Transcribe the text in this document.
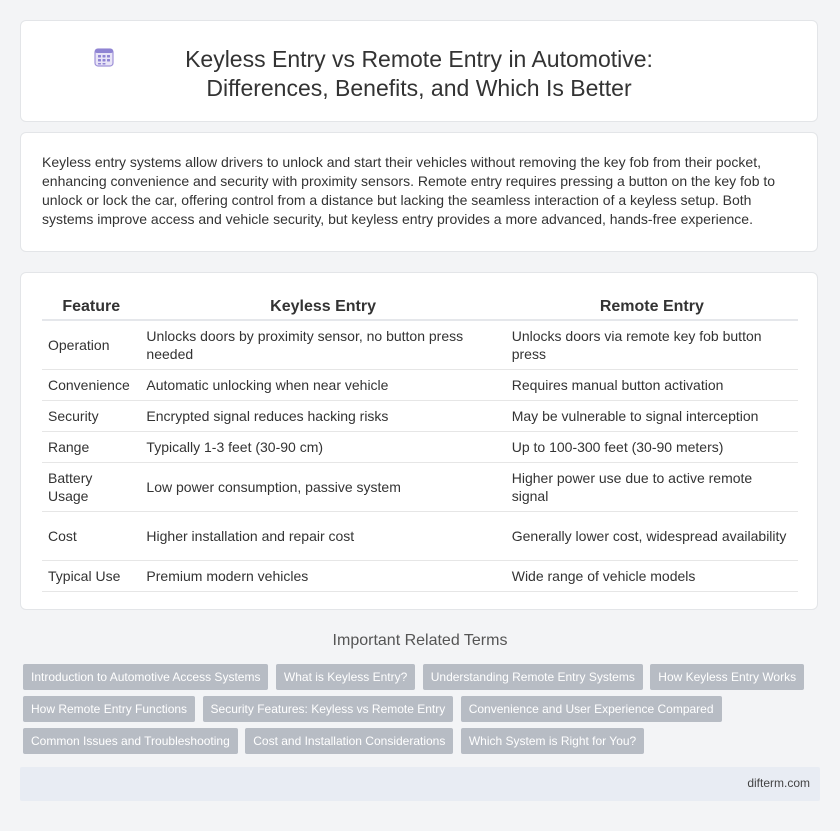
Keyless Entry vs Remote Entry in Automotive: Differences, Benefits, and Which Is Better
Keyless entry systems allow drivers to unlock and start their vehicles without removing the key fob from their pocket, enhancing convenience and security with proximity sensors. Remote entry requires pressing a button on the key fob to unlock or lock the car, offering control from a distance but lacking the seamless interaction of a keyless setup. Both systems improve access and vehicle security, but keyless entry provides a more advanced, hands-free experience.
Feature	Keyless Entry	Remote Entry
Operation	Unlocks doors by proximity sensor, no button press needed	Unlocks doors via remote key fob button press
Convenience	Automatic unlocking when near vehicle	Requires manual button activation
Security	Encrypted signal reduces hacking risks	May be vulnerable to signal interception
Range	Typically 1-3 feet (30-90 cm)	Up to 100-300 feet (30-90 meters)
Battery Usage	Low power consumption, passive system	Higher power use due to active remote signal
Cost	Higher installation and repair cost	Generally lower cost, widespread availability
Typical Use	Premium modern vehicles	Wide range of vehicle models
Important Related Terms
Introduction to Automotive Access Systems What is Keyless Entry? Understanding Remote Entry Systems How Keyless Entry Works
How Remote Entry Functions Security Features: Keyless vs Remote Entry Convenience and User Experience Compared
Common Issues and Troubleshooting Cost and Installation Considerations Which System is Right for You?
difterm.com
